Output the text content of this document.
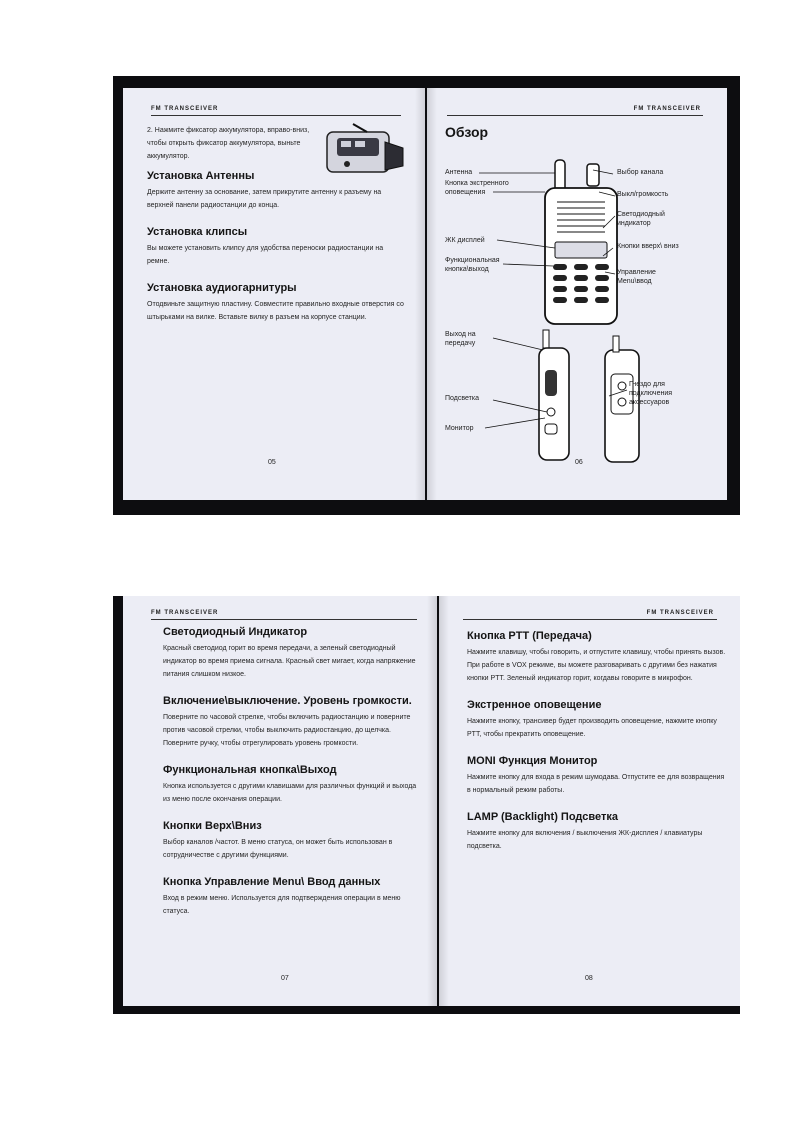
FM TRANSCEIVER

2. Нажмите фиксатор аккумулятора, вправо-вниз, чтобы открыть фиксатор аккумулятора, выньте аккумулятор.

Установка Антенны

Держите антенну за основание, затем прикрутите антенну к разъему на верхней панели радиостанции до конца.

Установка клипсы

Вы можете установить клипсу для удобства переноски радиостанции на ремне.

Установка аудиогарнитуры

Отодвиньте защитную пластину. Совместите правильно входные отверстия со штырьками на вилке. Вставьте вилку в разъем на корпусе станции.

05
FM TRANSCEIVER
Обзор
Антенна
Кнопка экстренного оповещения
ЖК дисплей
Функциональная кнопка\выход
Выбор канала
Выкл/громкость
Светодиодный индикатор
Кнопки вверх\ вниз
Управление Menu\ввод
Выход на передачу
Подсветка
Монитор
Гнездо для подключения аксессуаров
06
FM TRANSCEIVER
Светодиодный Индикатор

Красный светодиод горит во время передачи, а зеленый светодиодный индикатор во время приема сигнала. Красный свет мигает, когда напряжение питания слишком низкое.

Включение\выключение. Уровень громкости.

Поверните по часовой стрелке, чтобы включить радиостанцию и поверните против часовой стрелки, чтобы выключить радиостанцию, до щелчка. Поверните ручку, чтобы отрегулировать уровень громкости.

Функциональная кнопка\Выход

Кнопка используется с другими клавишами для различных функций и выхода из меню после окончания операции.

Кнопки Верх\Вниз

Выбор каналов /частот. В меню статуса, он может быть использован в сотрудничестве с другими функциями.

Кнопка Управление Menu\ Ввод данных

Вход в режим меню. Используется для подтверждения операции в меню статуса.

07
FM TRANSCEIVER
Кнопка PTT (Передача)

Нажмите клавишу, чтобы говорить, и отпустите клавишу, чтобы принять вызов. При работе в VOX режиме, вы можете разговаривать с другими без нажатия кнопки PTT. Зеленый индикатор горит, когдавы говорите в микрофон.

Экстренное оповещение

Нажмите кнопку, трансивер будет производить оповещение, нажмите кнопку PTT, чтобы прекратить оповещение.

MONI Функция Монитор

Нажмите кнопку для входа в режим шумодава. Отпустите ее для возвращения в нормальный режим работы.

LAMP (Backlight) Подсветка

Нажмите кнопку для включения / выключения ЖК-дисплея / клавиатуры подсветка.

08
